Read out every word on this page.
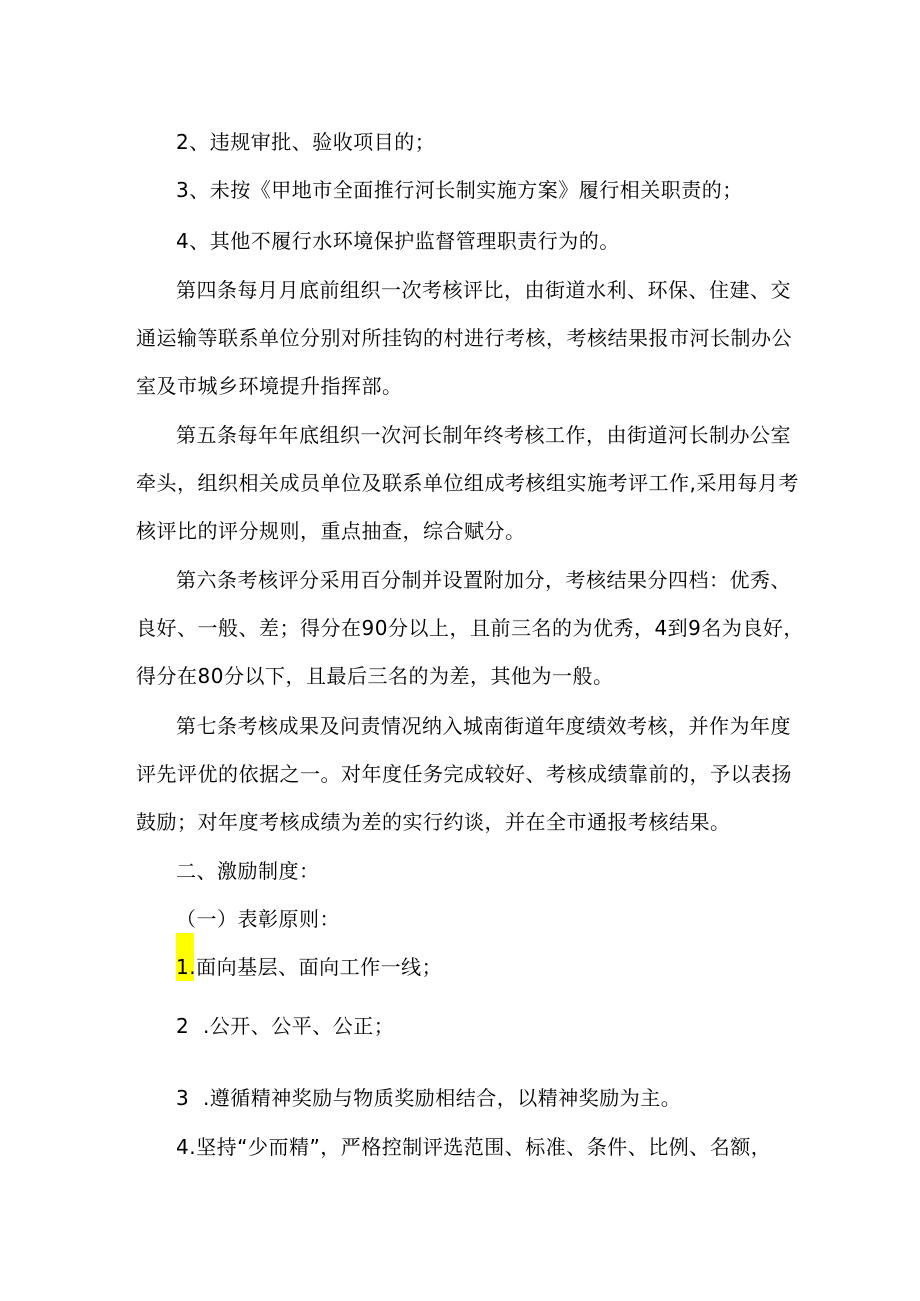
2、违规审批、验收项目的；
3、未按《甲地市全面推行河长制实施方案》履行相关职责的；
4、其他不履行水环境保护监督管理职责行为的。
第四条每月月底前组织一次考核评比，由街道水利、环保、住建、交
通运输等联系单位分别对所挂钩的村进行考核，考核结果报市河长制办公
室及市城乡环境提升指挥部。
第五条每年年底组织一次河长制年终考核工作，由街道河长制办公室
牵头，组织相关成员单位及联系单位组成考核组实施考评工作,采用每月考
核评比的评分规则，重点抽查，综合赋分。
第六条考核评分采用百分制并设置附加分，考核结果分四档：优秀、
良好、一般、差；得分在90分以上，且前三名的为优秀，4到9名为良好，
得分在80分以下，且最后三名的为差，其他为一般。
第七条考核成果及问责情况纳入城南街道年度绩效考核，并作为年度
评先评优的依据之一。对年度任务完成较好、考核成绩靠前的，予以表扬
鼓励；对年度考核成绩为差的实行约谈，并在全市通报考核结果。
二、激励制度：
（一）表彰原则：
1.面向基层、面向工作一线；
2  .公开、公平、公正；
3  .遵循精神奖励与物质奖励相结合，以精神奖励为主。
4.坚持“少而精”，严格控制评选范围、标准、条件、比例、名额，
